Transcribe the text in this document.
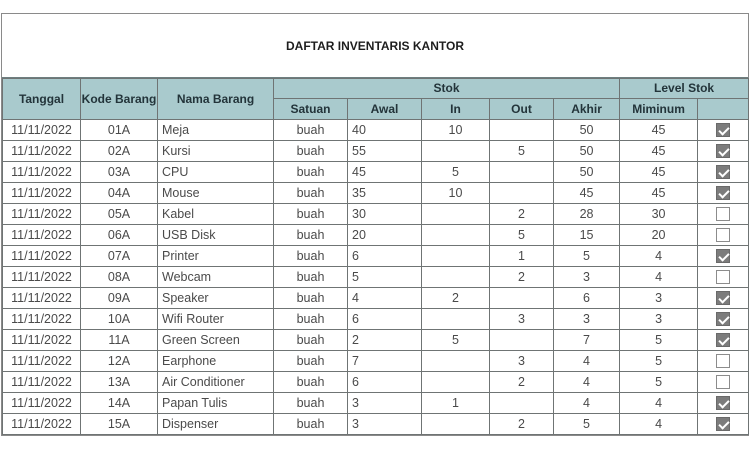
DAFTAR INVENTARIS KANTOR
Tanggal	Kode Barang	Nama Barang	Stok					Level Stok	
			Satuan	Awal	In	Out	Akhir	Miminum	
11/11/2022	01A	Meja	buah	40	10		50	45	
11/11/2022	02A	Kursi	buah	55		5	50	45	
11/11/2022	03A	CPU	buah	45	5		50	45	
11/11/2022	04A	Mouse	buah	35	10		45	45	
11/11/2022	05A	Kabel	buah	30		2	28	30	
11/11/2022	06A	USB Disk	buah	20		5	15	20	
11/11/2022	07A	Printer	buah	6		1	5	4	
11/11/2022	08A	Webcam	buah	5		2	3	4	
11/11/2022	09A	Speaker	buah	4	2		6	3	
11/11/2022	10A	Wifi Router	buah	6		3	3	3	
11/11/2022	11A	Green Screen	buah	2	5		7	5	
11/11/2022	12A	Earphone	buah	7		3	4	5	
11/11/2022	13A	Air Conditioner	buah	6		2	4	5	
11/11/2022	14A	Papan Tulis	buah	3	1		4	4	
11/11/2022	15A	Dispenser	buah	3		2	5	4	
